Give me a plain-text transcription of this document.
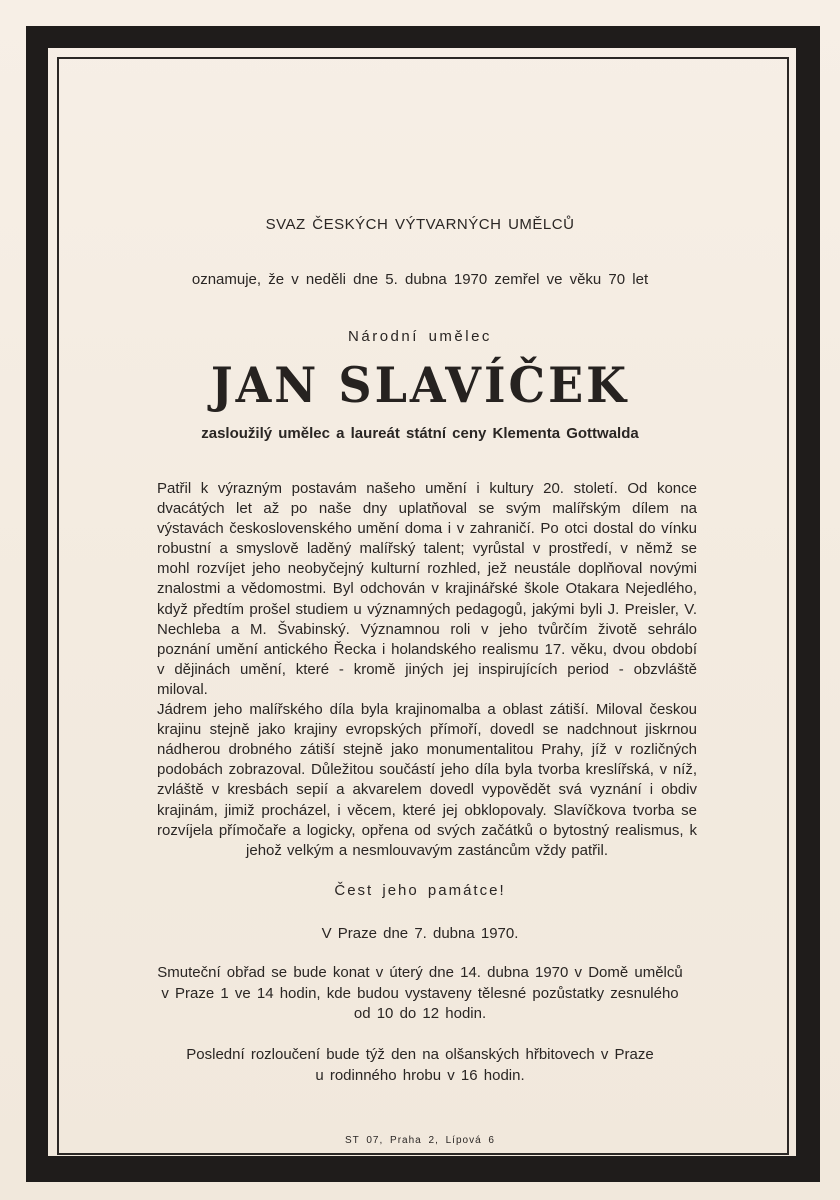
SVAZ ČESKÝCH VÝTVARNÝCH UMĚLCŮ
oznamuje, že v neděli dne 5. dubna 1970 zemřel ve věku 70 let
Národní umělec
JAN SLAVÍČEK
zasloužilý umělec a laureát státní ceny Klementa Gottwalda
Čest jeho památce!
V Praze dne 7. dubna 1970.
Smuteční obřad se bude konat v úterý dne 14. dubna 1970 v Domě umělců
v Praze 1 ve 14 hodin, kde budou vystaveny tělesné pozůstatky zesnulého
od 10 do 12 hodin.
Poslední rozloučení bude týž den na olšanských hřbitovech v Praze
u rodinného hrobu v 16 hodin.
ST 07, Praha 2, Lípová 6

Patřil k výrazným postavám našeho umění i kultury 20. století. Od konce dvacátých let až po naše dny uplatňoval se svým malířským dílem na výstavách československého umění doma i v zahraničí. Po otci dostal do vínku robustní a smyslově laděný malířský talent; vyrůstal v prostředí, v němž se mohl rozvíjet jeho neobyčejný kulturní rozhled, jež neustále doplňoval novými znalostmi a vědomostmi. Byl odchován v krajinářské škole Otakara Nejedlého, když předtím prošel studiem u významných pedagogů, jakými byli J. Preisler, V. Nechleba a M. Švabinský. Významnou roli v jeho tvůrčím životě sehrálo poznání umění antického Řecka i holandského realismu 17. věku, dvou období v dějinách umění, které - kromě jiných jej inspirujících period - obzvláště miloval.

Jádrem jeho malířského díla byla krajinomalba a oblast zátiší. Miloval českou krajinu stejně jako krajiny evropských přímoří, dovedl se nadchnout jiskrnou nádherou drobného zátiší stejně jako monumentalitou Prahy, jíž v rozličných podobách zobrazoval. Důležitou součástí jeho díla byla tvorba kreslířská, v níž, zvláště v kresbách sepií a akvarelem dovedl vypovědět svá vyznání i obdiv krajinám, jimiž procházel, i věcem, které jej obklopovaly. Slavíčkova tvorba se rozvíjela přímočaře a logicky, opřena od svých začátků o bytostný realismus, k jehož velkým a nesmlouvavým zastáncům vždy patřil.
